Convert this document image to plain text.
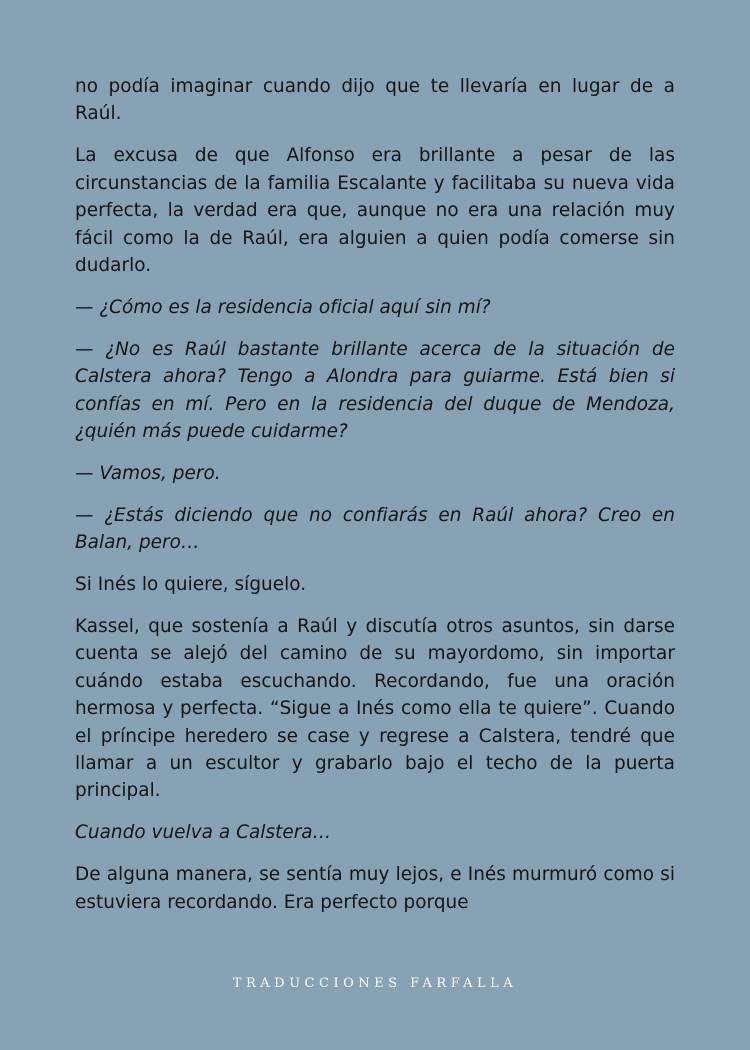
no podía imaginar cuando dijo que te llevaría en lugar de a Raúl.

La excusa de que Alfonso era brillante a pesar de las circunstancias de la familia Escalante y facilitaba su nueva vida perfecta, la verdad era que, aunque no era una relación muy fácil como la de Raúl, era alguien a quien podía comerse sin dudarlo.

— ¿Cómo es la residencia oficial aquí sin mí?

— ¿No es Raúl bastante brillante acerca de la situación de Calstera ahora? Tengo a Alondra para guiarme. Está bien si confías en mí. Pero en la residencia del duque de Mendoza, ¿quién más puede cuidarme?

— Vamos, pero.

— ¿Estás diciendo que no confiarás en Raúl ahora? Creo en Balan, pero…

Si Inés lo quiere, síguelo.

Kassel, que sostenía a Raúl y discutía otros asuntos, sin darse cuenta se alejó del camino de su mayordomo, sin importar cuándo estaba escuchando. Recordando, fue una oración hermosa y perfecta. “Sigue a Inés como ella te quiere”. Cuando el príncipe heredero se case y regrese a Calstera, tendré que llamar a un escultor y grabarlo bajo el techo de la puerta principal.

Cuando vuelva a Calstera…

De alguna manera, se sentía muy lejos, e Inés murmuró como si estuviera recordando. Era perfecto porque

TRADUCCIONES FARFALLA
